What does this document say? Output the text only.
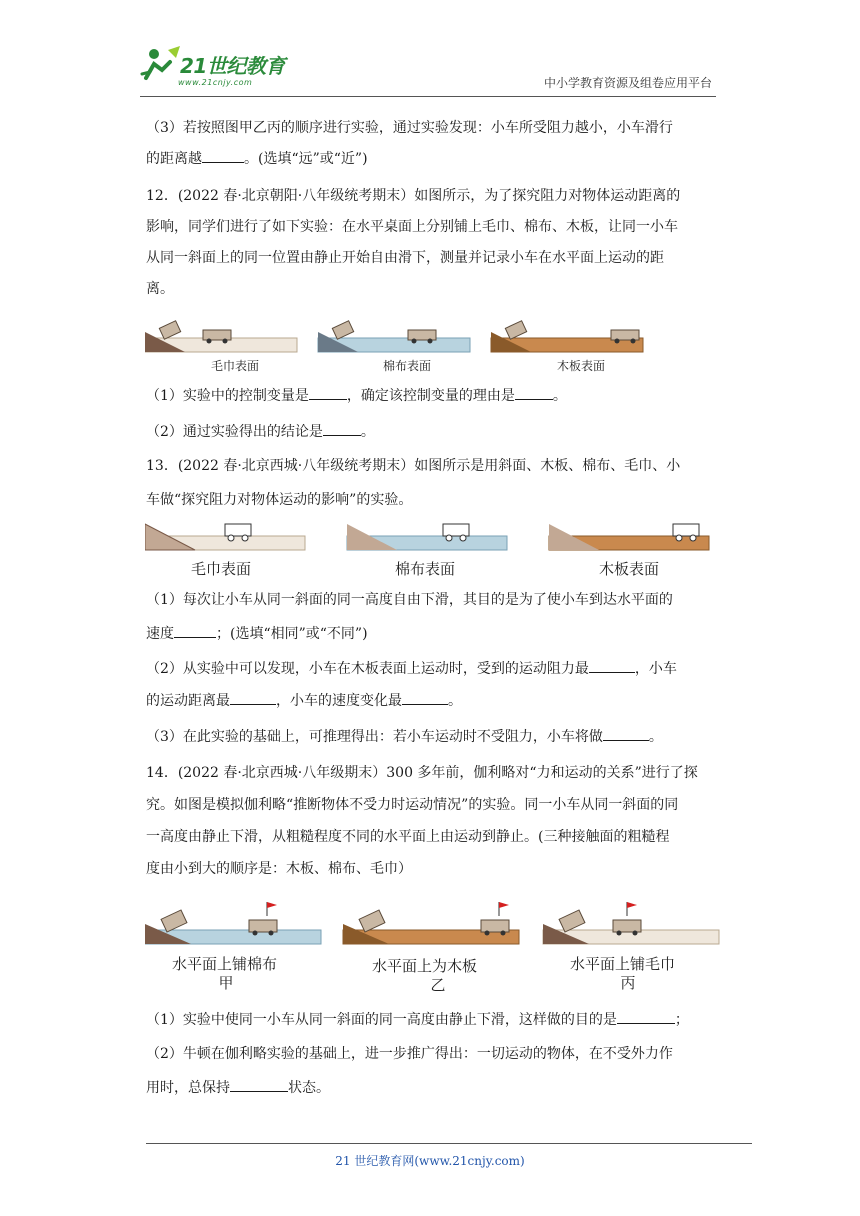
21世纪教育
www.21cnjy.com	中小学教育资源及组卷应用平台
（3）若按照图甲乙丙的顺序进行实验，通过实验发现：小车所受阻力越小，小车滑行
的距离越	。(选填“远”或“近”)
12．(2022 春·北京朝阳·八年级统考期末）如图所示，为了探究阻力对物体运动距离的
影响，同学们进行了如下实验：在水平桌面上分别铺上毛巾、棉布、木板，让同一小车
从同一斜面上的同一位置由静止开始自由滑下，测量并记录小车在水平面上运动的距
离。
毛巾表面	棉布表面	木板表面
（1）实验中的控制变量是	，确定该控制变量的理由是	。
（2）通过实验得出的结论是	。
13．(2022 春·北京西城·八年级统考期末）如图所示是用斜面、木板、棉布、毛巾、小
车做“探究阻力对物体运动的影响”的实验。
毛巾表面	棉布表面	木板表面
（1）每次让小车从同一斜面的同一高度自由下滑，其目的是为了使小车到达水平面的
速度	；(选填“相同”或“不同”)
（2）从实验中可以发现，小车在木板表面上运动时，受到的运动阻力最	，小车
的运动距离最	，小车的速度变化最	。
（3）在此实验的基础上，可推理得出：若小车运动时不受阻力，小车将做	。
14．(2022 春·北京西城·八年级期末）300 多年前，伽利略对“力和运动的关系”进行了探
究。如图是模拟伽利略“推断物体不受力时运动情况”的实验。同一小车从同一斜面的同
一高度由静止下滑，从粗糙程度不同的水平面上由运动到静止。(三种接触面的粗糙程
度由小到大的顺序是：木板、棉布、毛巾）
水平面上铺棉布
甲
水平面上为木板
乙
水平面上铺毛巾
丙
（1）实验中使同一小车从同一斜面的同一高度由静止下滑，这样做的目的是	；
（2）牛顿在伽利略实验的基础上，进一步推广得出：一切运动的物体，在不受外力作
用时，总保持	状态。
21 世纪教育网(www.21cnjy.com)
